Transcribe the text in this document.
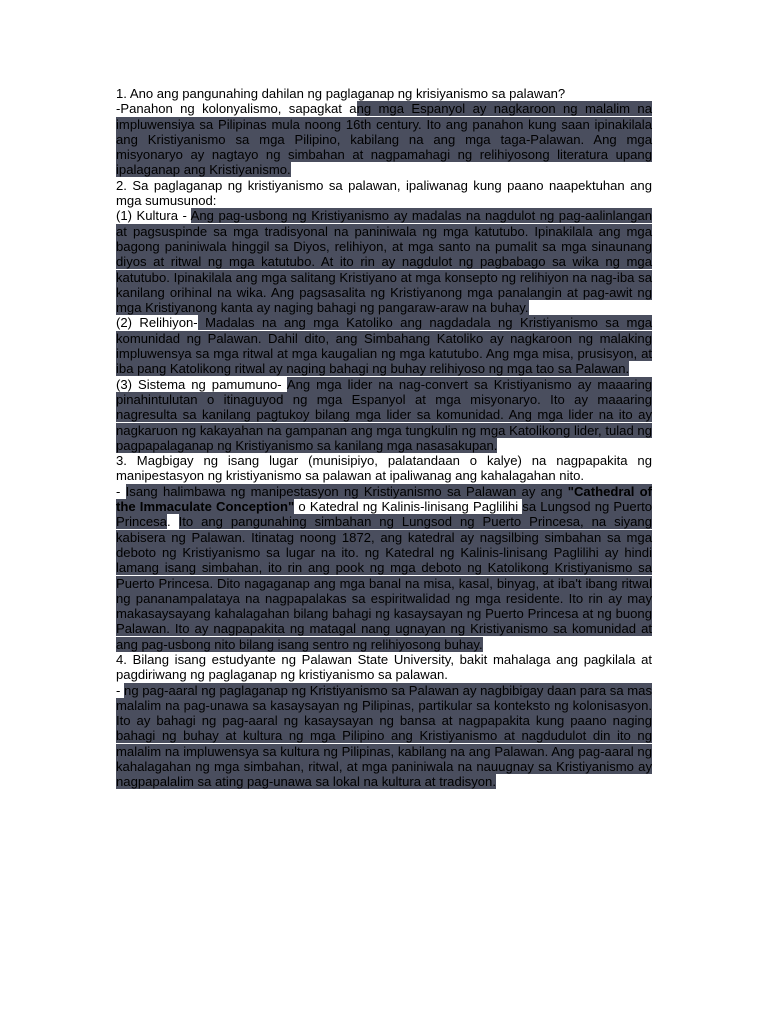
1. Ano ang pangunahing dahilan ng paglaganap ng krisiyanismo sa palawan?

-Panahon ng kolonyalismo, sapagkat ang mga Espanyol ay nagkaroon ng malalim na impluwensiya sa Pilipinas mula noong 16th century. Ito ang panahon kung saan ipinakilala ang Kristiyanismo sa mga Pilipino, kabilang na ang mga taga-Palawan. Ang mga misyonaryo ay nagtayo ng simbahan at nagpamahagi ng relihiyosong literatura upang ipalaganap ang Kristiyanismo.

2. Sa paglaganap ng kristiyanismo sa palawan, ipaliwanag kung paano naapektuhan ang mga sumusunod:

(1) Kultura - Ang pag-usbong ng Kristiyanismo ay madalas na nagdulot ng pag-aalinlangan at pagsuspinde sa mga tradisyonal na paniniwala ng mga katutubo. Ipinakilala ang mga bagong paniniwala hinggil sa Diyos, relihiyon, at mga santo na pumalit sa mga sinaunang diyos at ritwal ng mga katutubo. At ito rin ay nagdulot ng pagbabago sa wika ng mga katutubo. Ipinakilala ang mga salitang Kristiyano at mga konsepto ng relihiyon na nag-iba sa kanilang orihinal na wika. Ang pagsasalita ng Kristiyanong mga panalangin at pag-awit ng mga Kristiyanong kanta ay naging bahagi ng pangaraw-araw na buhay.

(2) Relihiyon- Madalas na ang mga Katoliko ang nagdadala ng Kristiyanismo sa mga komunidad ng Palawan. Dahil dito, ang Simbahang Katoliko ay nagkaroon ng malaking impluwensya sa mga ritwal at mga kaugalian ng mga katutubo. Ang mga misa, prusisyon, at iba pang Katolikong ritwal ay naging bahagi ng buhay relihiyoso ng mga tao sa Palawan.

(3) Sistema ng pamumuno- Ang mga lider na nag-convert sa Kristiyanismo ay maaaring pinahintulutan o itinaguyod ng mga Espanyol at mga misyonaryo. Ito ay maaaring nagresulta sa kanilang pagtukoy bilang mga lider sa komunidad. Ang mga lider na ito ay nagkaruon ng kakayahan na gampanan ang mga tungkulin ng mga Katolikong lider, tulad ng pagpapalaganap ng Kristiyanismo sa kanilang mga nasasakupan.

3. Magbigay ng isang lugar (munisipiyo, palatandaan o kalye) na nagpapakita ng manipestasyon ng kristiyanismo sa palawan at ipaliwanag ang kahalagahan nito.

- Isang halimbawa ng manipestasyon ng Kristiyanismo sa Palawan ay ang "Cathedral of the Immaculate Conception" o Katedral ng Kalinis-linisang Paglilihi sa Lungsod ng Puerto Princesa. Ito ang pangunahing simbahan ng Lungsod ng Puerto Princesa, na siyang kabisera ng Palawan. Itinatag noong 1872, ang katedral ay nagsilbing simbahan sa mga deboto ng Kristiyanismo sa lugar na ito. ng Katedral ng Kalinis-linisang Paglilihi ay hindi lamang isang simbahan, ito rin ang pook ng mga deboto ng Katolikong Kristiyanismo sa Puerto Princesa. Dito nagaganap ang mga banal na misa, kasal, binyag, at iba't ibang ritwal ng pananampalataya na nagpapalakas sa espiritwalidad ng mga residente. Ito rin ay may makasaysayang kahalagahan bilang bahagi ng kasaysayan ng Puerto Princesa at ng buong Palawan. Ito ay nagpapakita ng matagal nang ugnayan ng Kristiyanismo sa komunidad at ang pag-usbong nito bilang isang sentro ng relihiyosong buhay.

4. Bilang isang estudyante ng Palawan State University, bakit mahalaga ang pagkilala at pagdiriwang ng paglaganap ng kristiyanismo sa palawan.

- ng pag-aaral ng paglaganap ng Kristiyanismo sa Palawan ay nagbibigay daan para sa mas malalim na pag-unawa sa kasaysayan ng Pilipinas, partikular sa konteksto ng kolonisasyon. Ito ay bahagi ng pag-aaral ng kasaysayan ng bansa at nagpapakita kung paano naging bahagi ng buhay at kultura ng mga Pilipino ang Kristiyanismo at nagdudulot din ito ng malalim na impluwensya sa kultura ng Pilipinas, kabilang na ang Palawan. Ang pag-aaral ng kahalagahan ng mga simbahan, ritwal, at mga paniniwala na nauugnay sa Kristiyanismo ay nagpapalalim sa ating pag-unawa sa lokal na kultura at tradisyon.
